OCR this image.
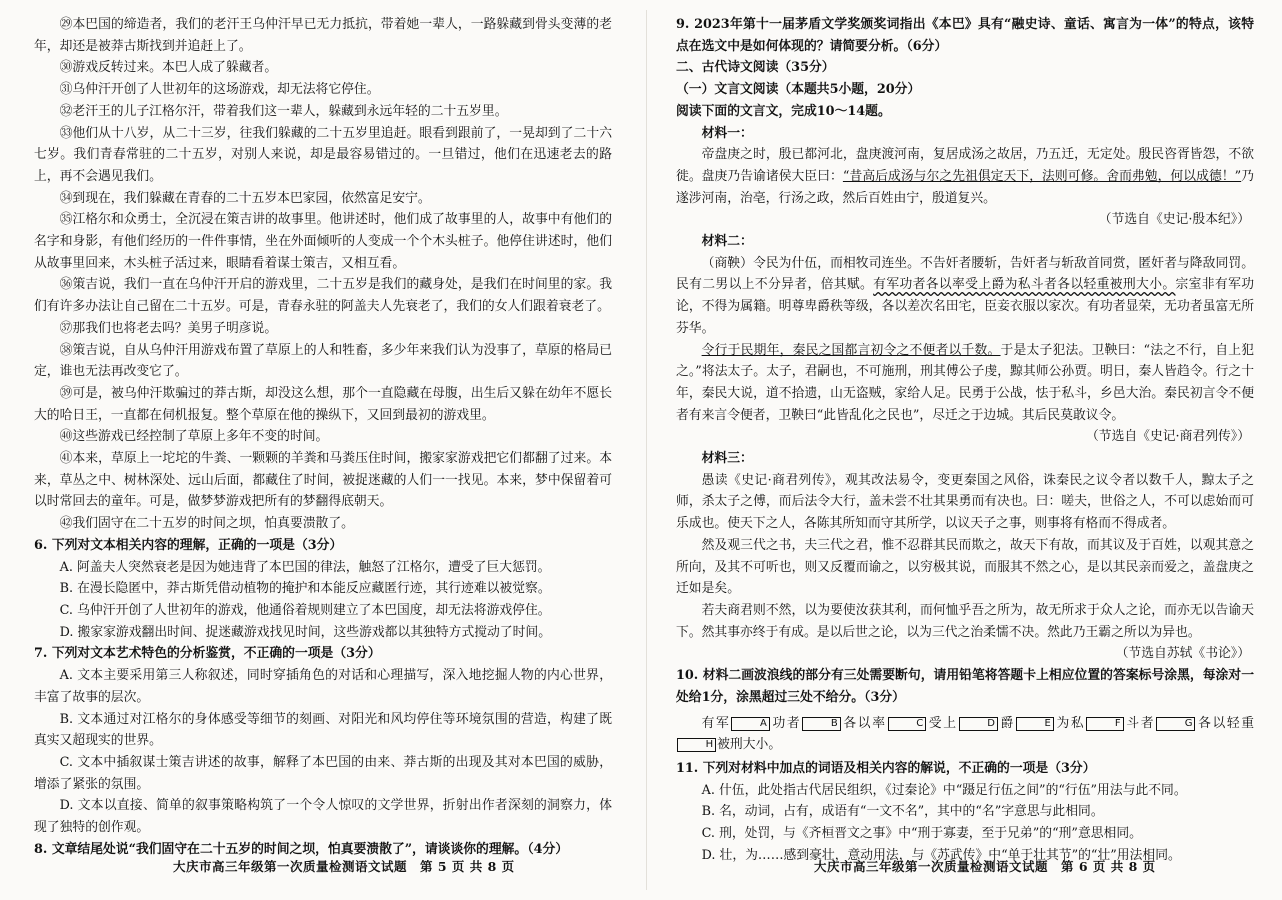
㉙本巴国的缔造者，我们的老汗王乌仲汗早已无力抵抗，带着她一辈人，一路躲藏到骨头变薄的老年，却还是被莽古斯找到并追赶上了。

㉚游戏反转过来。本巴人成了躲藏者。

㉛乌仲汗开创了人世初年的这场游戏，却无法将它停住。

㉜老汗王的儿子江格尔汗，带着我们这一辈人，躲藏到永远年轻的二十五岁里。

㉝他们从十八岁，从二十三岁，往我们躲藏的二十五岁里追赶。眼看到跟前了，一晃却到了二十六七岁。我们青春常驻的二十五岁，对别人来说，却是最容易错过的。一旦错过，他们在迅速老去的路上，再不会遇见我们。

㉞到现在，我们躲藏在青春的二十五岁本巴家园，依然富足安宁。

㉟江格尔和众勇士，全沉浸在策吉讲的故事里。他讲述时，他们成了故事里的人，故事中有他们的名字和身影，有他们经历的一件件事情，坐在外面倾听的人变成一个个木头桩子。他停住讲述时，他们从故事里回来，木头桩子活过来，眼睛看着谋士策吉，又相互看。

㊱策吉说，我们一直在乌仲汗开启的游戏里，二十五岁是我们的藏身处，是我们在时间里的家。我们有许多办法让自己留在二十五岁。可是，青春永驻的阿盖夫人先衰老了，我们的女人们跟着衰老了。

㊲那我们也将老去吗？美男子明彦说。

㊳策吉说，自从乌仲汗用游戏布置了草原上的人和牲畜，多少年来我们认为没事了，草原的格局已定，谁也无法再改变它了。

㊴可是，被乌仲汗欺骗过的莽古斯，却没这么想，那个一直隐藏在母腹，出生后又躲在幼年不愿长大的哈日王，一直都在伺机报复。整个草原在他的操纵下，又回到最初的游戏里。

㊵这些游戏已经控制了草原上多年不变的时间。

㊶本来，草原上一坨坨的牛粪、一颗颗的羊粪和马粪压住时间，搬家家游戏把它们都翻了过来。本来，草丛之中、树林深处、远山后面，都藏住了时间，被捉迷藏的人们一一找见。本来，梦中保留着可以时常回去的童年。可是，做梦梦游戏把所有的梦翻得底朝天。

㊷我们固守在二十五岁的时间之坝，怕真要溃散了。

6. 下列对文本相关内容的理解，正确的一项是（3分）

A. 阿盖夫人突然衰老是因为她违背了本巴国的律法，触怒了江格尔，遭受了巨大惩罚。

B. 在漫长隐匿中，莽古斯凭借动植物的掩护和本能反应藏匿行迹，其行迹难以被觉察。

C. 乌仲汗开创了人世初年的游戏，他通俗着规则建立了本巴国度，却无法将游戏停住。

D. 搬家家游戏翻出时间、捉迷藏游戏找见时间，这些游戏都以其独特方式搅动了时间。

7. 下列对文本艺术特色的分析鉴赏，不正确的一项是（3分）

A. 文本主要采用第三人称叙述，同时穿插角色的对话和心理描写，深入地挖掘人物的内心世界，丰富了故事的层次。

B. 文本通过对江格尔的身体感受等细节的刻画、对阳光和风均停住等环境氛围的营造，构建了既真实又超现实的世界。

C. 文本中插叙谋士策吉讲述的故事，解释了本巴国的由来、莽古斯的出现及其对本巴国的威胁，增添了紧张的氛围。

D. 文本以直接、简单的叙事策略构筑了一个令人惊叹的文学世界，折射出作者深刻的洞察力，体现了独特的创作观。

8. 文章结尾处说“我们固守在二十五岁的时间之坝，怕真要溃散了”，请谈谈你的理解。（4分）

大庆市高三年级第一次质量检测语文试题　第 5 页 共 8 页

9. 2023年第十一届茅盾文学奖颁奖词指出《本巴》具有“融史诗、童话、寓言为一体”的特点，该特点在选文中是如何体现的？请简要分析。（6分）

二、古代诗文阅读（35分）

（一）文言文阅读（本题共5小题，20分）

阅读下面的文言文，完成10～14题。

材料一：

帝盘庚之时，殷已都河北，盘庚渡河南，复居成汤之故居，乃五迁，无定处。殷民咨胥皆怨，不欲徙。盘庚乃告谕诸侯大臣曰：“昔高后成汤与尔之先祖俱定天下，法则可修。舍而弗勉，何以成德！”乃遂涉河南，治亳，行汤之政，然后百姓由宁，殷道复兴。

（节选自《史记·殷本纪》）

材料二：

（商鞅）令民为什伍，而相牧司连坐。不告奸者腰斩，告奸者与斩敌首同赏，匿奸者与降敌同罚。民有二男以上不分异者，倍其赋。有军功者各以率受上爵为私斗者各以轻重被刑大小。宗室非有军功论，不得为属籍。明尊卑爵秩等级，各以差次名田宅，臣妾衣服以家次。有功者显荣，无功者虽富无所芬华。

令行于民期年，秦民之国都言初令之不便者以千数。于是太子犯法。卫鞅曰：“法之不行，自上犯之。”将法太子。太子，君嗣也，不可施刑，刑其傅公子虔，黥其师公孙贾。明日，秦人皆趋令。行之十年，秦民大说，道不拾遗，山无盗贼，家给人足。民勇于公战，怯于私斗，乡邑大治。秦民初言令不便者有来言令便者，卫鞅曰“此皆乱化之民也”，尽迁之于边城。其后民莫敢议令。

（节选自《史记·商君列传》）

材料三：

愚读《史记·商君列传》，观其改法易令，变更秦国之风俗，诛秦民之议令者以数千人，黥太子之师，杀太子之傅，而后法令大行，盖未尝不壮其果勇而有决也。曰：嗟夫，世俗之人，不可以虑始而可乐成也。使天下之人，各陈其所知而守其所学，以议天子之事，则事将有格而不得成者。

然及观三代之书，夫三代之君，惟不忍群其民而欺之，故天下有故，而其议及于百姓，以观其意之所向，及其不可听也，则又反覆而谕之，以穷极其说，而服其不然之心，是以其民亲而爱之，盖盘庚之迁如是矣。

若夫商君则不然，以为要使汝获其利，而何恤乎吾之所为，故无所求于众人之论，而亦无以告谕天下。然其事亦终于有成。是以后世之论，以为三代之治柔懦不决。然此乃王霸之所以为异也。

（节选自苏轼《书论》）

10. 材料二画波浪线的部分有三处需要断句，请用铅笔将答题卡上相应位置的答案标号涂黑，每涂对一处给1分，涂黑超过三处不给分。（3分）

有军	A 功者	B 各以率	C 受上	D 爵	E 为私	F 斗者	G 各以轻重H 被刑大小。

11. 下列对材料中加点的词语及相关内容的解说，不正确的一项是（3分）

A. 什伍，此处指古代居民组织，《过秦论》中“蹑足行伍之间”的“行伍”用法与此不同。

B. 名，动词，占有，成语有“一文不名”，其中的“名”字意思与此相同。

C. 刑，处罚，与《齐桓晋文之事》中“刑于寡妻，至于兄弟”的“刑”意思相同。

D. 壮，为……感到豪壮，意动用法，与《苏武传》中“单于壮其节”的“壮”用法相同。

大庆市高三年级第一次质量检测语文试题　第 6 页 共 8 页
